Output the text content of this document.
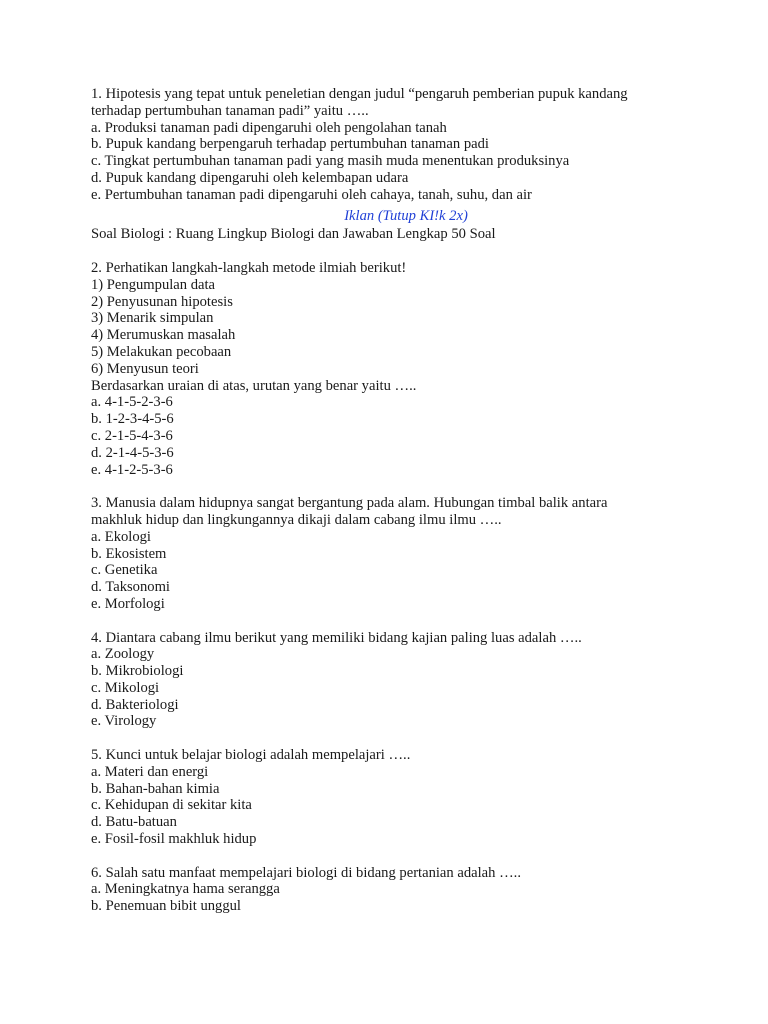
1. Hipotesis yang tepat untuk peneletian dengan judul “pengaruh pemberian pupuk kandang
terhadap pertumbuhan tanaman padi” yaitu …..
a. Produksi tanaman padi dipengaruhi oleh pengolahan tanah
b. Pupuk kandang berpengaruh terhadap pertumbuhan tanaman padi
c. Tingkat pertumbuhan tanaman padi yang masih muda menentukan produksinya
d. Pupuk kandang dipengaruhi oleh kelembapan udara
e. Pertumbuhan tanaman padi dipengaruhi oleh cahaya, tanah, suhu, dan air
Iklan (Tutup KI!k 2x)
Soal Biologi : Ruang Lingkup Biologi dan Jawaban Lengkap 50 Soal
2. Perhatikan langkah-langkah metode ilmiah berikut!
1) Pengumpulan data
2) Penyusunan hipotesis
3) Menarik simpulan
4) Merumuskan masalah
5) Melakukan pecobaan
6) Menyusun teori
Berdasarkan uraian di atas, urutan yang benar yaitu …..
a. 4-1-5-2-3-6
b. 1-2-3-4-5-6
c. 2-1-5-4-3-6
d. 2-1-4-5-3-6
e. 4-1-2-5-3-6
3. Manusia dalam hidupnya sangat bergantung pada alam. Hubungan timbal balik antara
makhluk hidup dan lingkungannya dikaji dalam cabang ilmu ilmu …..
a. Ekologi
b. Ekosistem
c. Genetika
d. Taksonomi
e. Morfologi
4. Diantara cabang ilmu berikut yang memiliki bidang kajian paling luas adalah …..
a. Zoology
b. Mikrobiologi
c. Mikologi
d. Bakteriologi
e. Virology
5. Kunci untuk belajar biologi adalah mempelajari …..
a. Materi dan energi
b. Bahan-bahan kimia
c. Kehidupan di sekitar kita
d. Batu-batuan
e. Fosil-fosil makhluk hidup
6. Salah satu manfaat mempelajari biologi di bidang pertanian adalah …..
a. Meningkatnya hama serangga
b. Penemuan bibit unggul
